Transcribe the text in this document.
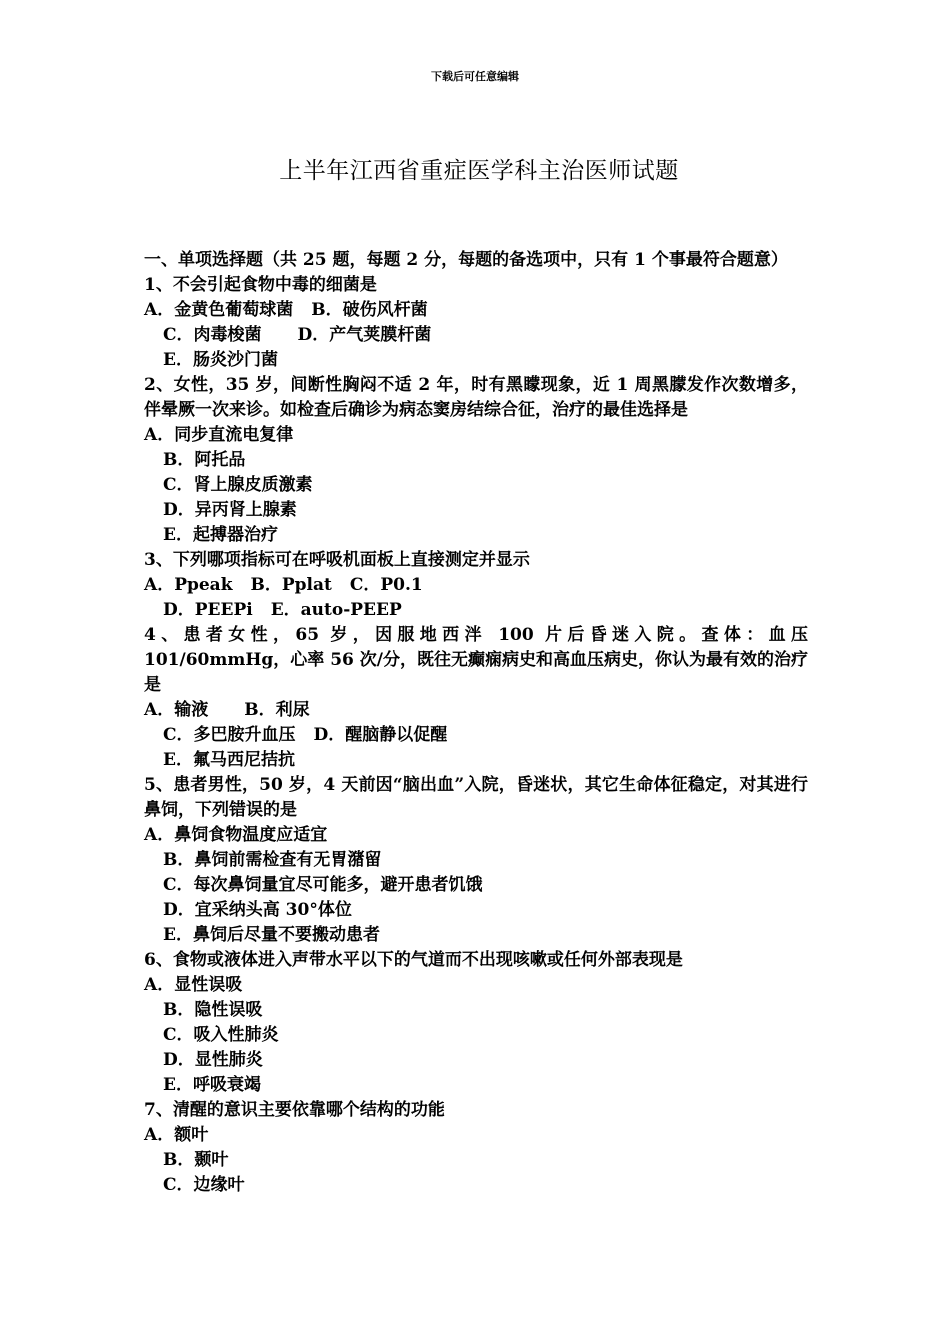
下载后可任意编辑
上半年江西省重症医学科主治医师试题
一、单项选择题（共 25 题，每题 2 分，每题的备选项中，只有 1 个事最符合题意）
1、不会引起食物中毒的细菌是
A．金黄色葡萄球菌 B．破伤风杆菌
C．肉毒梭菌 D．产气荚膜杆菌
E．肠炎沙门菌
2、女性，35 岁，间断性胸闷不适 2 年，时有黑矇现象，近 1 周黑朦发作次数增多，伴晕厥一次来诊。如检查后确诊为病态窦房结综合征，治疗的最佳选择是
A．同步直流电复律
B．阿托品
C．肾上腺皮质激素
D．异丙肾上腺素
E．起搏器治疗
3、下列哪项指标可在呼吸机面板上直接测定并显示
A．Ppeak B．Pplat C．P0.1
D．PEEPi E．auto-PEEP
4、患者女性，65 岁，因服地西泮 100 片后昏迷入院。查体：血压 101/60mmHg，心率 56 次/分，既往无癫痫病史和高血压病史，你认为最有效的治疗是
A．输液 B．利尿
C．多巴胺升血压 D．醒脑静以促醒
E．氟马西尼拮抗
5、患者男性，50 岁，4 天前因“脑出血”入院，昏迷状，其它生命体征稳定，对其进行鼻饲，下列错误的是
A．鼻饲食物温度应适宜
B．鼻饲前需检查有无胃潴留
C．每次鼻饲量宜尽可能多，避开患者饥饿
D．宜采纳头高 30°体位
E．鼻饲后尽量不要搬动患者
6、食物或液体进入声带水平以下的气道而不出现咳嗽或任何外部表现是
A．显性误吸
B．隐性误吸
C．吸入性肺炎
D．显性肺炎
E．呼吸衰竭
7、清醒的意识主要依靠哪个结构的功能
A．额叶
B．颞叶
C．边缘叶
